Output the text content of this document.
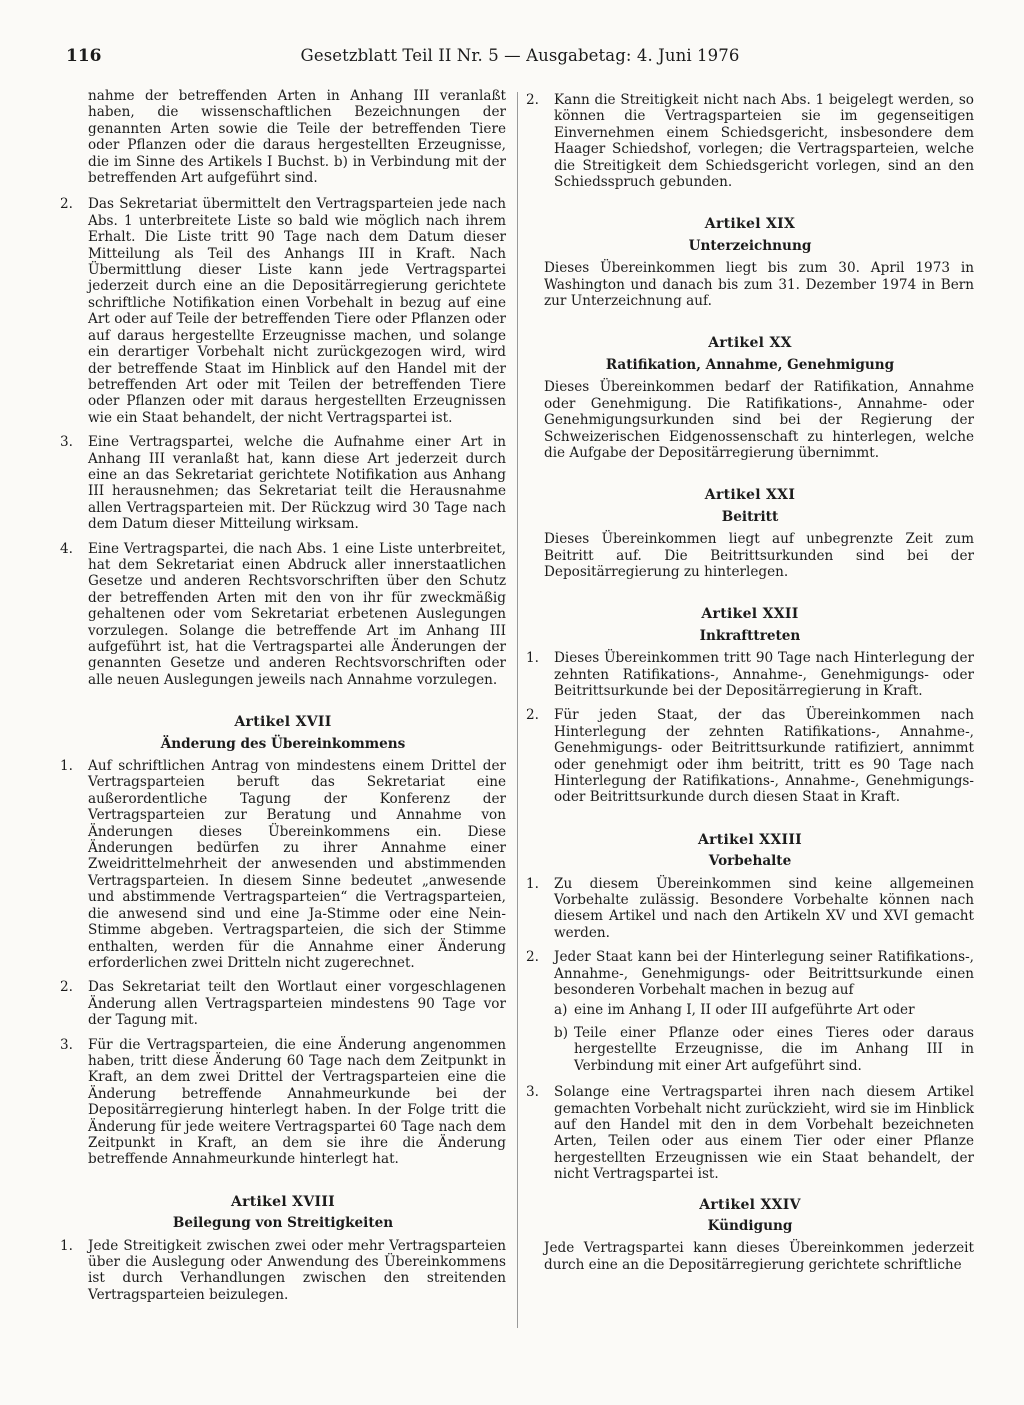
116	Gesetzblatt Teil II Nr. 5 — Ausgabetag: 4. Juni 1976
nahme der betreffenden Arten in Anhang III veranlaßt haben, die wissenschaftlichen Bezeichnungen der genannten Arten sowie die Teile der betreffenden Tiere oder Pflanzen oder die daraus hergestellten Erzeugnisse, die im Sinne des Artikels I Buchst. b) in Verbindung mit der betreffenden Art aufgeführt sind.
2.	Das Sekretariat übermittelt den Vertragsparteien jede nach Abs. 1 unterbreitete Liste so bald wie möglich nach ihrem Erhalt. Die Liste tritt 90 Tage nach dem Datum dieser Mitteilung als Teil des Anhangs III in Kraft. Nach Übermittlung dieser Liste kann jede Vertragspartei jederzeit durch eine an die Depositärregierung gerichtete schriftliche Notifikation einen Vorbehalt in bezug auf eine Art oder auf Teile der betreffenden Tiere oder Pflanzen oder auf daraus hergestellte Erzeugnisse machen, und solange ein derartiger Vorbehalt nicht zurückgezogen wird, wird der betreffende Staat im Hinblick auf den Handel mit der betreffenden Art oder mit Teilen der betreffenden Tiere oder Pflanzen oder mit daraus hergestellten Erzeugnissen wie ein Staat behandelt, der nicht Vertragspartei ist.
3.	Eine Vertragspartei, welche die Aufnahme einer Art in Anhang III veranlaßt hat, kann diese Art jederzeit durch eine an das Sekretariat gerichtete Notifikation aus Anhang III herausnehmen; das Sekretariat teilt die Herausnahme allen Vertragsparteien mit. Der Rückzug wird 30 Tage nach dem Datum dieser Mitteilung wirksam.
4.	Eine Vertragspartei, die nach Abs. 1 eine Liste unterbreitet, hat dem Sekretariat einen Abdruck aller innerstaatlichen Gesetze und anderen Rechtsvorschriften über den Schutz der betreffenden Arten mit den von ihr für zweckmäßig gehaltenen oder vom Sekretariat erbetenen Auslegungen vorzulegen. Solange die betreffende Art im Anhang III aufgeführt ist, hat die Vertragspartei alle Änderungen der genannten Gesetze und anderen Rechtsvorschriften oder alle neuen Auslegungen jeweils nach Annahme vorzulegen.
Artikel XVII
Änderung des Übereinkommens
1.	Auf schriftlichen Antrag von mindestens einem Drittel der Vertragsparteien beruft das Sekretariat eine außerordentliche Tagung der Konferenz der Vertragsparteien zur Beratung und Annahme von Änderungen dieses Übereinkommens ein. Diese Änderungen bedürfen zu ihrer Annahme einer Zweidrittelmehrheit der anwesenden und abstimmenden Vertragsparteien. In diesem Sinne bedeutet „anwesende und abstimmende Vertragsparteien“ die Vertragsparteien, die anwesend sind und eine Ja-Stimme oder eine Nein-Stimme abgeben. Vertragsparteien, die sich der Stimme enthalten, werden für die Annahme einer Änderung erforderlichen zwei Dritteln nicht zugerechnet.
2.	Das Sekretariat teilt den Wortlaut einer vorgeschlagenen Änderung allen Vertragsparteien mindestens 90 Tage vor der Tagung mit.
3.	Für die Vertragsparteien, die eine Änderung angenommen haben, tritt diese Änderung 60 Tage nach dem Zeitpunkt in Kraft, an dem zwei Drittel der Vertragsparteien eine die Änderung betreffende Annahmeurkunde bei der Depositärregierung hinterlegt haben. In der Folge tritt die Änderung für jede weitere Vertragspartei 60 Tage nach dem Zeitpunkt in Kraft, an dem sie ihre die Änderung betreffende Annahmeurkunde hinterlegt hat.
Artikel XVIII
Beilegung von Streitigkeiten
1.	Jede Streitigkeit zwischen zwei oder mehr Vertragsparteien über die Auslegung oder Anwendung des Übereinkommens ist durch Verhandlungen zwischen den streitenden Vertragsparteien beizulegen.
2.	Kann die Streitigkeit nicht nach Abs. 1 beigelegt werden, so können die Vertragsparteien sie im gegenseitigen Einvernehmen einem Schiedsgericht, insbesondere dem Haager Schiedshof, vorlegen; die Vertragsparteien, welche die Streitigkeit dem Schiedsgericht vorlegen, sind an den Schiedsspruch gebunden.
Artikel XIX
Unterzeichnung

Dieses Übereinkommen liegt bis zum 30. April 1973 in Washington und danach bis zum 31. Dezember 1974 in Bern zur Unterzeichnung auf.

Artikel XX
Ratifikation, Annahme, Genehmigung

Dieses Übereinkommen bedarf der Ratifikation, Annahme oder Genehmigung. Die Ratifikations-, Annahme- oder Genehmigungsurkunden sind bei der Regierung der Schweizerischen Eidgenossenschaft zu hinterlegen, welche die Aufgabe der Depositärregierung übernimmt.

Artikel XXI
Beitritt

Dieses Übereinkommen liegt auf unbegrenzte Zeit zum Beitritt auf. Die Beitrittsurkunden sind bei der Depositärregierung zu hinterlegen.

Artikel XXII
Inkrafttreten
1.	Dieses Übereinkommen tritt 90 Tage nach Hinterlegung der zehnten Ratifikations-, Annahme-, Genehmigungs- oder Beitrittsurkunde bei der Depositärregierung in Kraft.
2.	Für jeden Staat, der das Übereinkommen nach Hinterlegung der zehnten Ratifikations-, Annahme-, Genehmigungs- oder Beitrittsurkunde ratifiziert, annimmt oder genehmigt oder ihm beitritt, tritt es 90 Tage nach Hinterlegung der Ratifikations-, Annahme-, Genehmigungs- oder Beitrittsurkunde durch diesen Staat in Kraft.
Artikel XXIII
Vorbehalte
1.	Zu diesem Übereinkommen sind keine allgemeinen Vorbehalte zulässig. Besondere Vorbehalte können nach diesem Artikel und nach den Artikeln XV und XVI gemacht werden.
2.	Jeder Staat kann bei der Hinterlegung seiner Ratifikations-, Annahme-, Genehmigungs- oder Beitrittsurkunde einen besonderen Vorbehalt machen in bezug auf
a) eine im Anhang I, II oder III aufgeführte Art oder
b) Teile einer Pflanze oder eines Tieres oder daraus hergestellte Erzeugnisse, die im Anhang III in Verbindung mit einer Art aufgeführt sind.
3.	Solange eine Vertragspartei ihren nach diesem Artikel gemachten Vorbehalt nicht zurückzieht, wird sie im Hinblick auf den Handel mit den in dem Vorbehalt bezeichneten Arten, Teilen oder aus einem Tier oder einer Pflanze hergestellten Erzeugnissen wie ein Staat behandelt, der nicht Vertragspartei ist.
Artikel XXIV
Kündigung

Jede Vertragspartei kann dieses Übereinkommen jederzeit durch eine an die Depositärregierung gerichtete schriftliche
